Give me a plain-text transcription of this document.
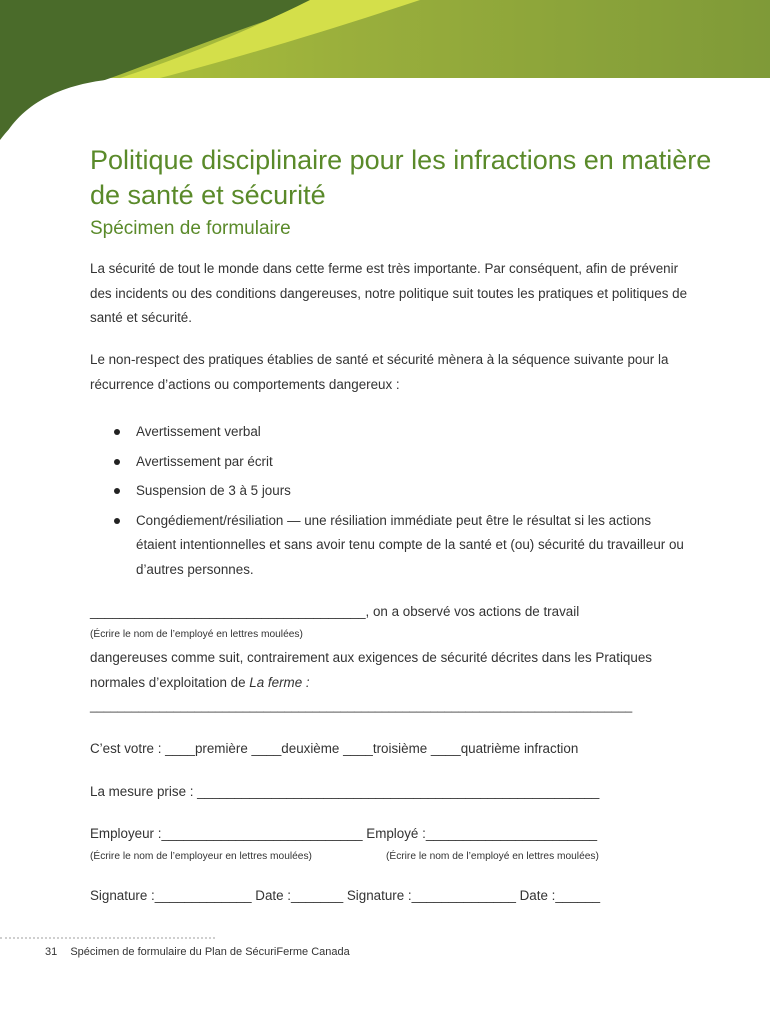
Politique disciplinaire pour les infractions en matière de santé et sécurité
Spécimen de formulaire

La sécurité de tout le monde dans cette ferme est très importante. Par conséquent, afin de prévenir des incidents ou des conditions dangereuses, notre politique suit toutes les pratiques et politiques de santé et sécurité.

Le non-respect des pratiques établies de santé et sécurité mènera à la séquence suivante pour la récurrence d’actions ou comportements dangereux :

Avertissement verbal
Avertissement par écrit
Suspension de 3 à 5 jours
Congédiement/résiliation — une résiliation immédiate peut être le résultat si les actions étaient intentionnelles et sans avoir tenu compte de la santé et (ou) sécurité du travailleur ou d’autres personnes.

_____________________________________, on a observé vos actions de travail

(Écrire le nom de l’employé en lettres moulées)

dangereuses comme suit, contrairement aux exigences de sécurité décrites dans les Pratiques

normales d’exploitation de La ferme :

______________________________________________________________________________

C’est votre : ____première ____deuxième ____troisième ____quatrième infraction

La mesure prise : ______________________________________________________

Employeur :___________________________ Employé :_______________________

(Écrire le nom de l’employeur en lettres moulées)	(Écrire le nom de l’employé en lettres moulées)

Signature :_____________ Date :_______ Signature :______________ Date :______

31 Spécimen de formulaire du Plan de SécuriFerme Canada
